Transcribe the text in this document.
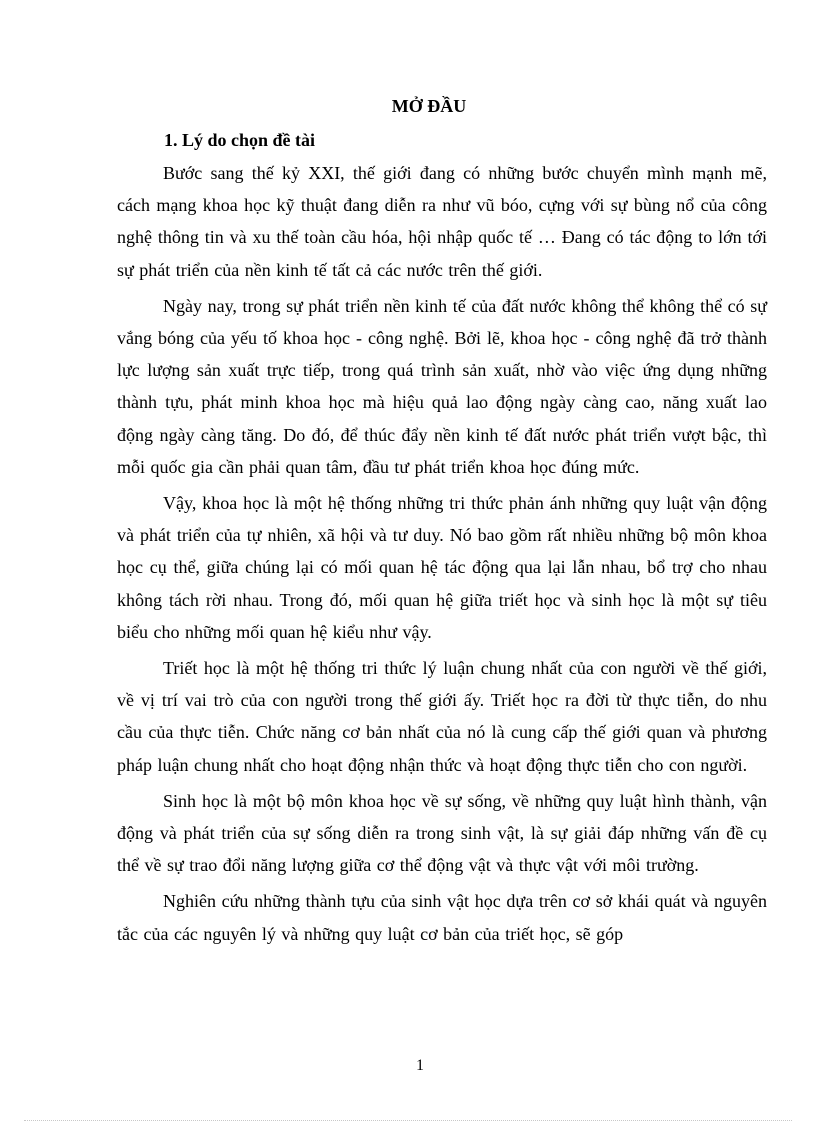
MỞ ĐẦU
1. Lý do chọn đề tài

Bước sang thế kỷ XXI, thế giới đang có những bước chuyển mình mạnh mẽ, cách mạng khoa học kỹ thuật đang diễn ra như vũ bóo, cựng với sự bùng nổ của công nghệ thông tin và xu thế toàn cầu hóa, hội nhập quốc tế … Đang có tác động to lớn tới sự phát triển của nền kinh tế tất cả các nước trên thế giới.

Ngày nay, trong sự phát triển nền kinh tế của đất nước không thể không thể có sự vắng bóng của yếu tố khoa học - công nghệ. Bởi lẽ, khoa học - công nghệ đã trở thành lực lượng sản xuất trực tiếp, trong quá trình sản xuất, nhờ vào việc ứng dụng những thành tựu, phát minh khoa học mà hiệu quả lao động ngày càng cao, năng xuất lao động ngày càng tăng. Do đó, để thúc đẩy nền kinh tế đất nước phát triển vượt bậc, thì mỗi quốc gia cần phải quan tâm, đầu tư phát triển khoa học đúng mức.

Vậy, khoa học là một hệ thống những tri thức phản ánh những quy luật vận động và phát triển của tự nhiên, xã hội và tư duy. Nó bao gồm rất nhiều những bộ môn khoa học cụ thể, giữa chúng lại có mối quan hệ tác động qua lại lẫn nhau, bổ trợ cho nhau không tách rời nhau. Trong đó, mối quan hệ giữa triết học và sinh học là một sự tiêu biểu cho những mối quan hệ kiểu như vậy.

Triết học là một hệ thống tri thức lý luận chung nhất của con người về thế giới, về vị trí vai trò của con người trong thế giới ấy. Triết học ra đời từ thực tiễn, do nhu cầu của thực tiễn. Chức năng cơ bản nhất của nó là cung cấp thế giới quan và phương pháp luận chung nhất cho hoạt động nhận thức và hoạt động thực tiễn cho con người.

Sinh học là một bộ môn khoa học về sự sống, về những quy luật hình thành, vận động và phát triển của sự sống diễn ra trong sinh vật, là sự giải đáp những vấn đề cụ thể về sự trao đổi năng lượng giữa cơ thể động vật và thực vật với môi trường.

Nghiên cứu những thành tựu của sinh vật học dựa trên cơ sở khái quát và nguyên tắc của các nguyên lý và những quy luật cơ bản của triết học, sẽ góp

1
